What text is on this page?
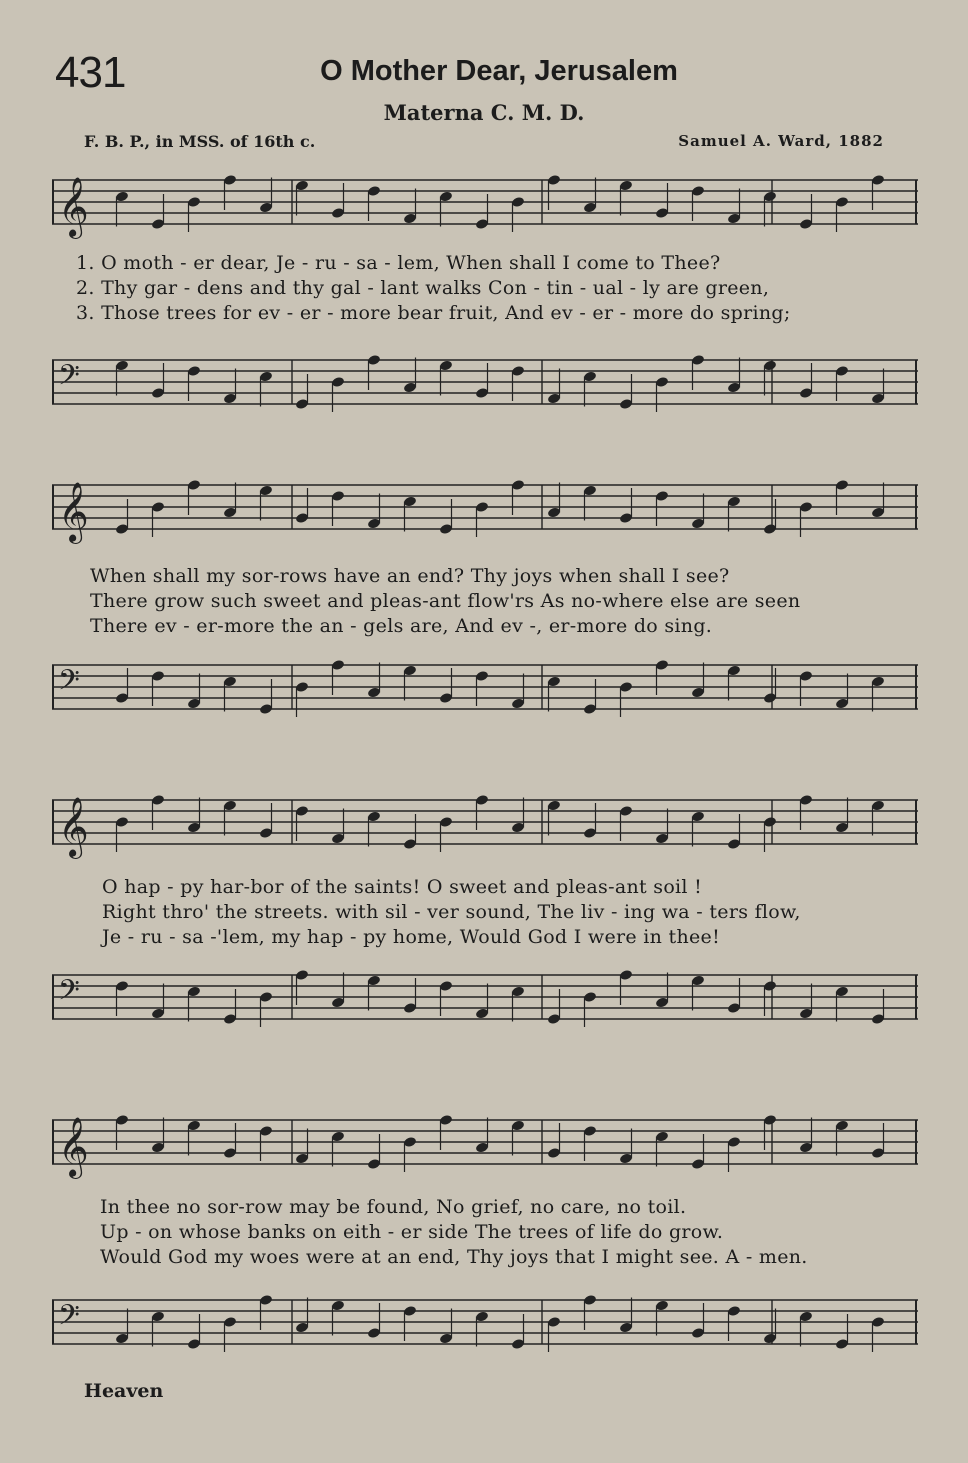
431	O Mother Dear, Jerusalem
Materna C. M. D.
F. B. P., in MSS. of 16th c.	Samuel A. Ward, 1882
𝄞
𝄢
1. O moth - er dear, Je - ru - sa - lem, When shall I come to Thee?
2. Thy gar - dens and thy gal - lant walks Con - tin - ual - ly are green,
3. Those trees for ev - er - more bear fruit, And ev - er - more do spring;
𝄞
𝄢
When shall my sor-rows have an end? Thy joys when shall I see?
There grow such sweet and pleas-ant flow'rs As no-where else are seen
There ev - er-more the an - gels are, And ev -, er-more do sing.
𝄞
𝄢
O hap - py har-bor of the saints! O sweet and pleas-ant soil !
Right thro' the streets. with sil - ver sound, The liv - ing wa - ters flow,
Je - ru - sa -'lem, my hap - py home, Would God I were in thee!
𝄞
𝄢
In thee no sor-row may be found, No grief, no care, no toil.
Up - on whose banks on eith - er side The trees of life do grow.
Would God my woes were at an end, Thy joys that I might see. A - men.
Heaven
